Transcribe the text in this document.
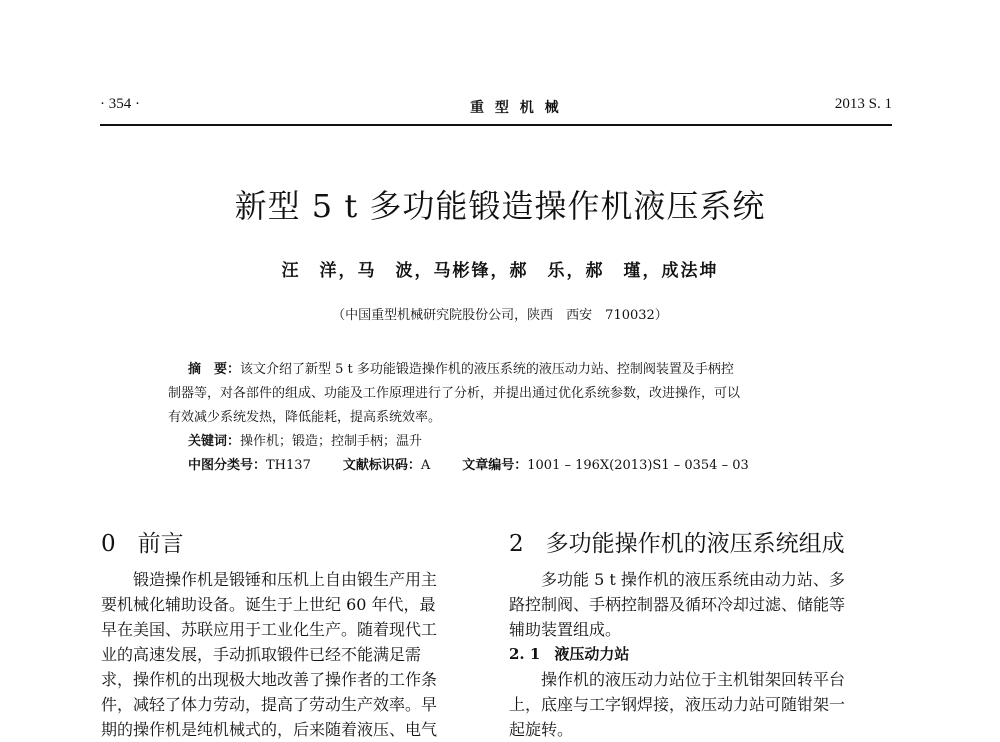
· 354 ·	重 型 机 械	2013 S. 1
新型 5 t 多功能锻造操作机液压系统
汪　洋，马　波，马彬锋，郝　乐，郝　瑾，成法坤
（中国重型机械研究院股份公司，陕西　西安　710032）
摘　要：该文介绍了新型 5 t 多功能锻造操作机的液压系统的液压动力站、控制阀装置及手柄控
制器等，对各部件的组成、功能及工作原理进行了分析，并提出通过优化系统参数，改进操作，可以
有效减少系统发热，降低能耗，提高系统效率。
关键词：操作机；锻造；控制手柄；温升
中图分类号：TH137 文献标识码：A 文章编号：1001 – 196X(2013)S1 – 0354 – 03
0 前言
锻造操作机是锻锤和压机上自由锻生产用主
要机械化辅助设备。诞生于上世纪 60 年代，最
早在美国、苏联应用于工业化生产。随着现代工
业的高速发展，手动抓取锻件已经不能满足需
求，操作机的出现极大地改善了操作者的工作条
件，减轻了体力劳动，提高了劳动生产效率。早
期的操作机是纯机械式的，后来随着液压、电气
2 多功能操作机的液压系统组成
多功能 5 t 操作机的液压系统由动力站、多
路控制阀、手柄控制器及循环冷却过滤、储能等
辅助装置组成。
2. 1 液压动力站
操作机的液压动力站位于主机钳架回转平台
上，底座与工字钢焊接，液压动力站可随钳架一
起旋转。
